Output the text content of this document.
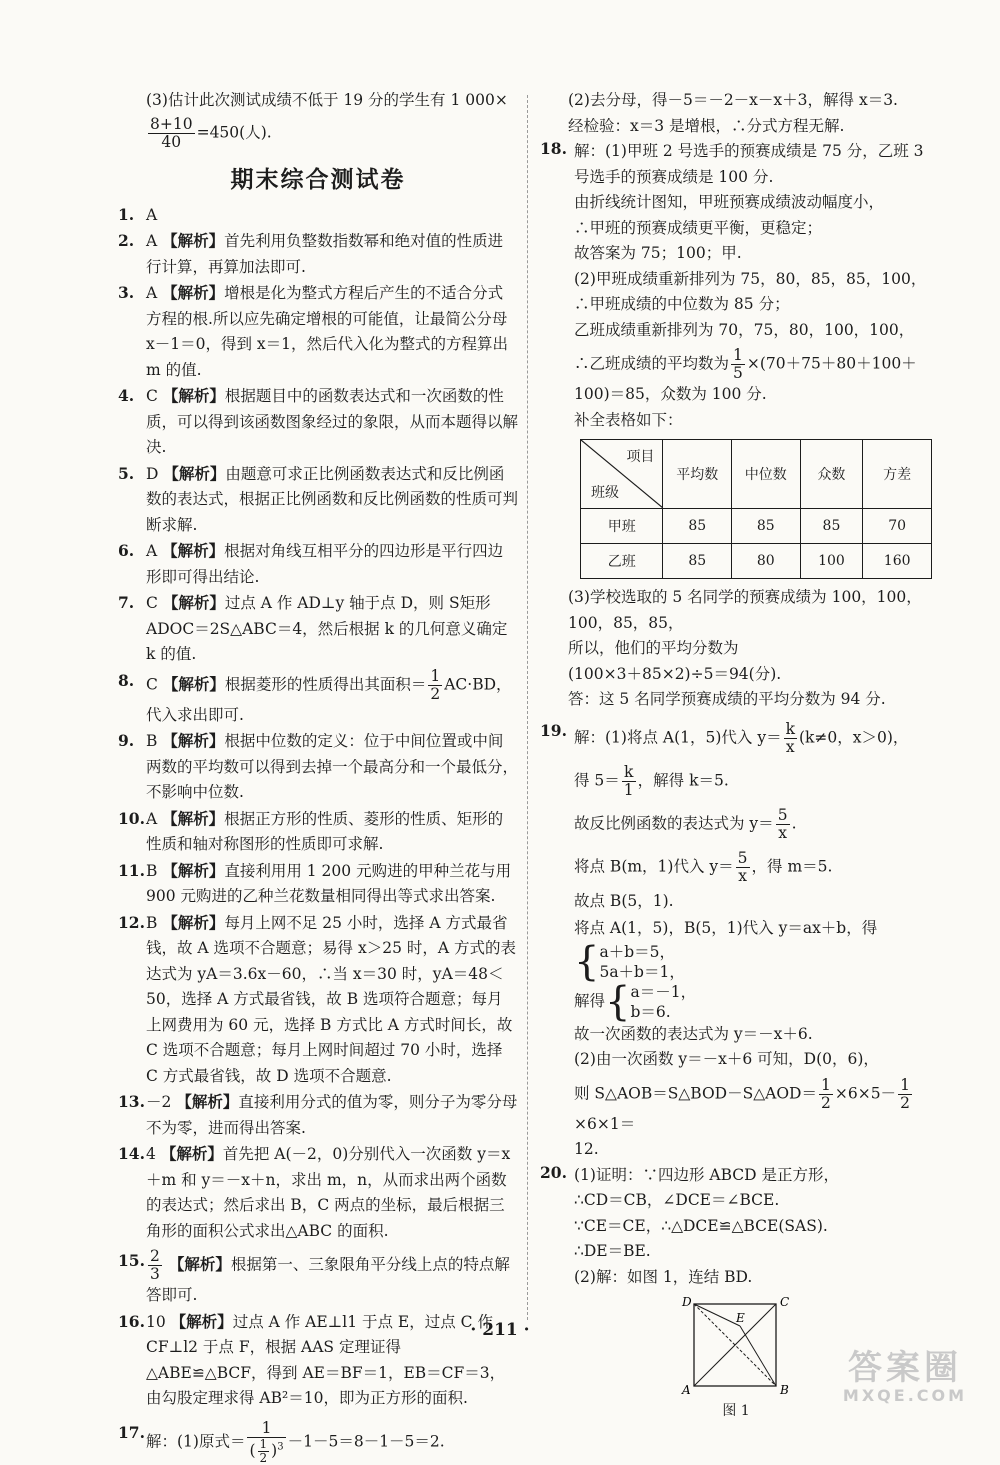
(3)估计此次测试成绩不低于 19 分的学生有 1 000×
$\frac{8+10}{40} =450$(人).
期末综合测试卷
1. A
2. A 【解析】首先利用负整数指数幂和绝对值的性质进行计算，再算加法即可.
3. A 【解析】增根是化为整式方程后产生的不适合分式方程的根.所以应先确定增根的可能值，让最简公分母 x－1＝0，得到 x＝1，然后代入化为整式的方程算出 m 的值.
4. C 【解析】根据题目中的函数表达式和一次函数的性质，可以得到该函数图象经过的象限，从而本题得以解决.
5. D 【解析】由题意可求正比例函数表达式和反比例函数的表达式，根据正比例函数和反比例函数的性质可判断求解.
6. A 【解析】根据对角线互相平分的四边形是平行四边形即可得出结论.
7. C 【解析】过点 A 作 AD⊥y 轴于点 D，则 S矩形ADOC＝2S△ABC＝4，然后根据 k 的几何意义确定 k 的值.
8. C 【解析】根据菱形的性质得出其面积＝ $\frac{1}{2} AC\cdot BD$，代入求出即可.
9. B 【解析】根据中位数的定义：位于中间位置或中间两数的平均数可以得到去掉一个最高分和一个最低分，不影响中位数.
10. A 【解析】根据正方形的性质、菱形的性质、矩形的性质和轴对称图形的性质即可求解.
11. B 【解析】直接利用用 1 200 元购进的甲种兰花与用 900 元购进的乙种兰花数量相同得出等式求出答案.
12. B 【解析】每月上网不足 25 小时，选择 A 方式最省钱，故 A 选项不合题意；易得 x＞25 时，A 方式的表达式为 yA＝3.6x－60，∴当 x＝30 时，yA＝48＜50，选择 A 方式最省钱，故 B 选项符合题意；每月上网费用为 60 元，选择 B 方式比 A 方式时间长，故 C 选项不合题意；每月上网时间超过 70 小时，选择 C 方式最省钱，故 D 选项不合题意.
13. －2 【解析】直接利用分式的值为零，则分子为零分母不为零，进而得出答案.
14. 4 【解析】首先把 A(－2，0)分别代入一次函数 y＝x＋m 和 y＝－x＋n，求出 m，n，从而求出两个函数的表达式；然后求出 B，C 两点的坐标，最后根据三角形的面积公式求出△ABC 的面积.
15. $\frac{2}{3}$ 【解析】根据第一、三象限角平分线上点的特点解答即可.
16. 10 【解析】过点 A 作 AE⊥l1 于点 E，过点 C 作 CF⊥l2 于点 F，根据 AAS 定理证得△ABE≌△BCF，得到 AE＝BF＝1，EB＝CF＝3，由勾股定理求得 AB²＝10，即为正方形的面积.
17. 解：(1)原式＝ $\frac{1}{( \frac{1}{2} )^3} -1-5=8-1-5=2$.
(2)去分母，得－5＝－2－x－x＋3，解得 x＝3.
经检验：x＝3 是增根，∴分式方程无解.
18. 解：(1)甲班 2 号选手的预赛成绩是 75 分，乙班 3 号选手的预赛成绩是 100 分.
由折线统计图知，甲班预赛成绩波动幅度小，
∴甲班的预赛成绩更平衡，更稳定；
故答案为 75；100；甲.
(2)甲班成绩重新排列为 75，80，85，85，100，
∴甲班成绩的中位数为 85 分；
乙班成绩重新排列为 70，75，80，100，100，
∴乙班成绩的平均数为 $\frac{1}{5} \times(70+75+80+100+$
100)＝85，众数为 100 分.
补全表格如下：
项目
班级	平均数	中位数	众数	方差
甲班	85	85	85	70
乙班	85	80	100	160
(3)学校选取的 5 名同学的预赛成绩为 100，100，100，85，85，
所以，他们的平均分数为
(100×3＋85×2)÷5＝94(分).
答：这 5 名同学预赛成绩的平均分数为 94 分.
19. 解：(1)将点 A(1，5)代入 $y= \frac{k}{x} (k\ne 0$，x＞0)，
得 $5= \frac{k}{1}$ ，解得 k＝5.
故反比例函数的表达式为 $y= \frac{5}{x}$ .
将点 B(m，1)代入 $y= \frac{5}{x}$ ，得 m＝5.
故点 B(5，1).
将点 A(1，5)，B(5，1)代入 y＝ax＋b，得
{ a＋b＝5，
5a＋b＝1，
解得 { a＝－1，
b＝6.
故一次函数的表达式为 y＝－x＋6.
(2)由一次函数 y＝－x＋6 可知，D(0，6)，
则 S△AOB＝S△BOD－S△AOD＝ $\frac{1}{2} \times 6\times 5- \frac{1}{2}$
×6×1＝
12.
20. (1)证明：∵四边形 ABCD 是正方形，
∴CD＝CB，∠DCE＝∠BCE.
∵CE＝CE，∴△DCE≌△BCE(SAS).
∴DE＝BE.
(2)解：如图 1，连结 BD.
D	C
E
A	B
图 1
· 211 ·
答案圈
MXQE.COM
